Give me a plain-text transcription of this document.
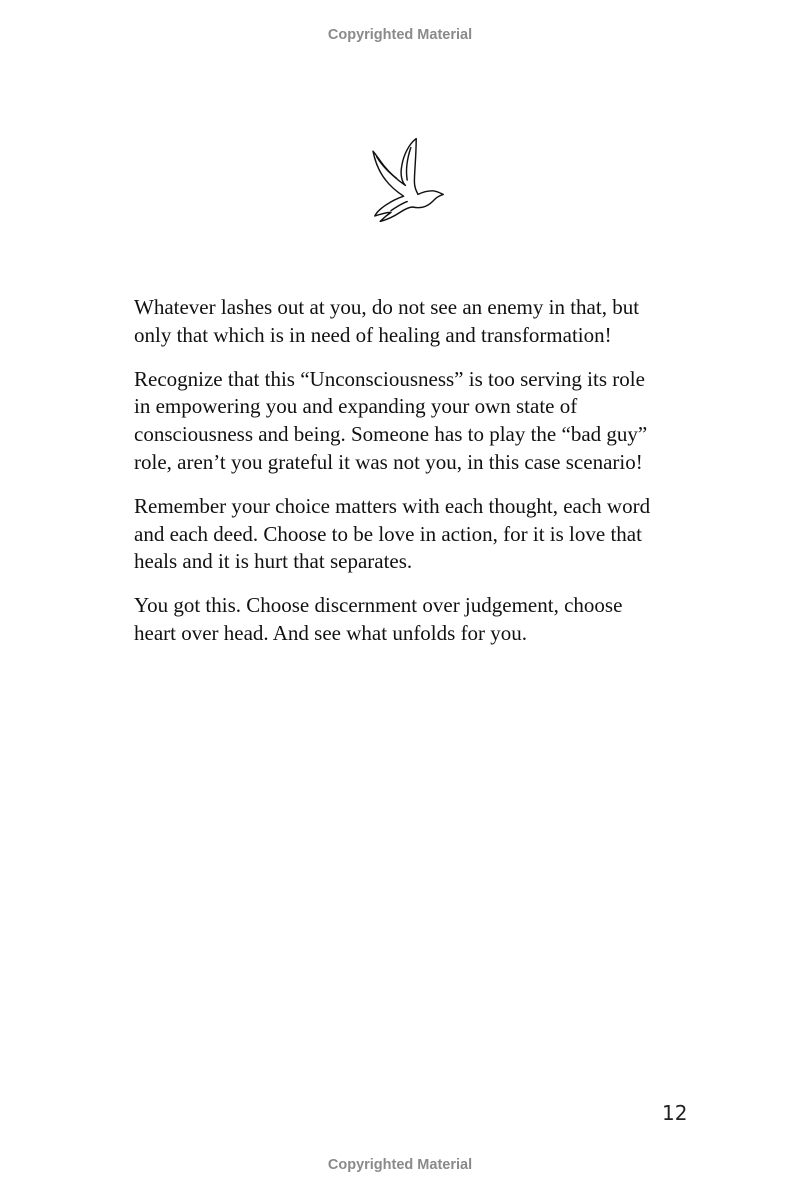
Copyrighted Material

Whatever lashes out at you, do not see an enemy in that, but
only that which is in need of healing and transformation!

Recognize that this “Unconsciousness” is too serving its role
in empowering you and expanding your own state of
consciousness and being. Someone has to play the “bad guy”
role, aren’t you grateful it was not you, in this case scenario!

Remember your choice matters with each thought, each word
and each deed. Choose to be love in action, for it is love that
heals and it is hurt that separates.

You got this. Choose discernment over judgement, choose
heart over head. And see what unfolds for you.

12
Copyrighted Material
